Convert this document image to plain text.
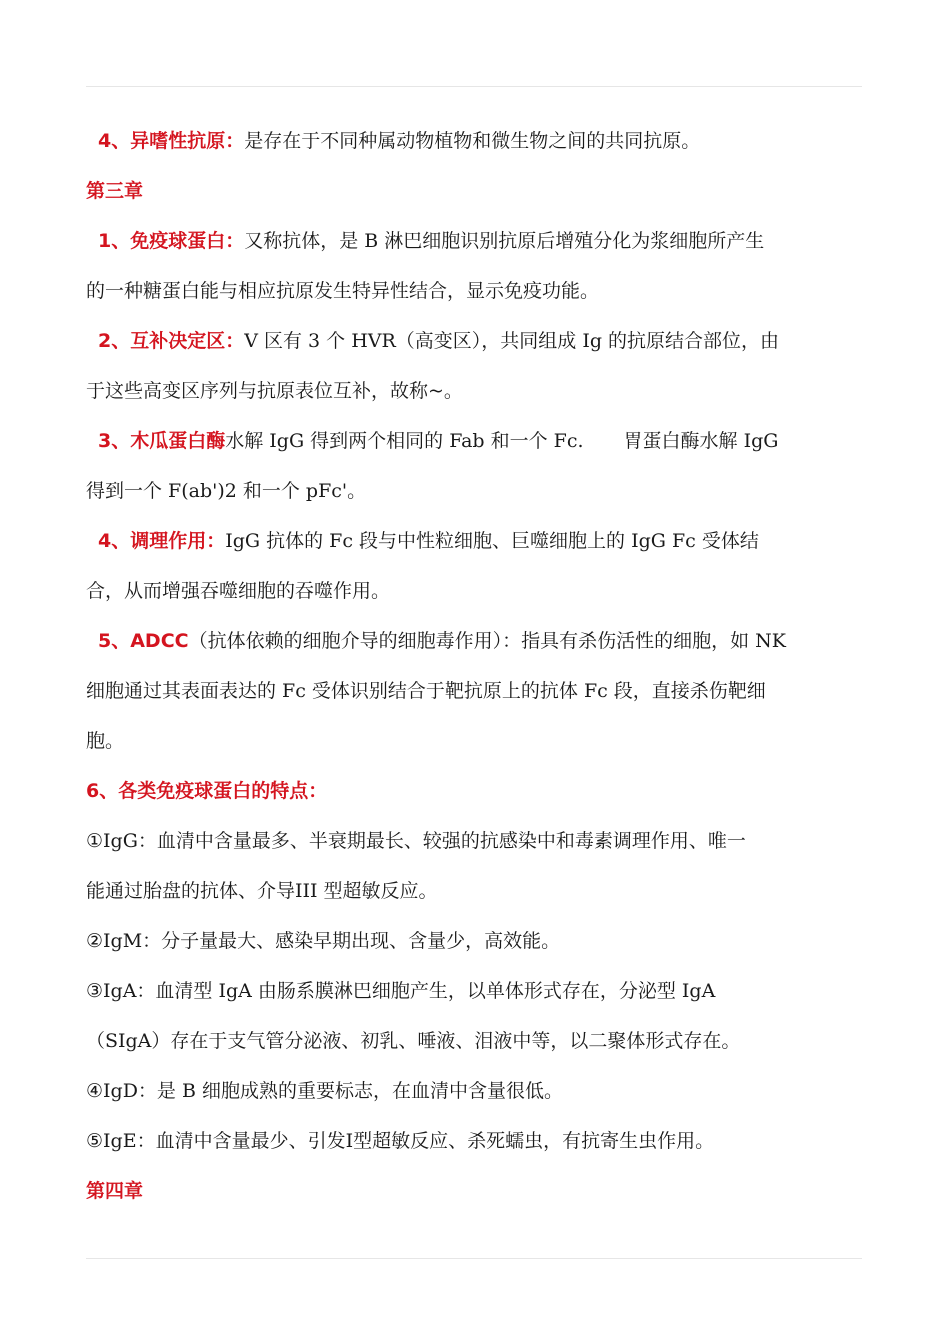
4、异嗜性抗原：是存在于不同种属动物植物和微生物之间的共同抗原。

第三章

1、免疫球蛋白：又称抗体，是 B 淋巴细胞识别抗原后增殖分化为浆细胞所产生

的一种糖蛋白能与相应抗原发生特异性结合，显示免疫功能。

2、互补决定区：V 区有 3 个 HVR（高变区），共同组成 Ig 的抗原结合部位，由

于这些高变区序列与抗原表位互补，故称~。

3、木瓜蛋白酶水解 IgG 得到两个相同的 Fab 和一个 Fc. 胃蛋白酶水解 IgG

得到一个 F(ab')2 和一个 pFc'。

4、调理作用：IgG 抗体的 Fc 段与中性粒细胞、巨噬细胞上的 IgG Fc 受体结

合，从而增强吞噬细胞的吞噬作用。

5、ADCC（抗体依赖的细胞介导的细胞毒作用）：指具有杀伤活性的细胞，如 NK

细胞通过其表面表达的 Fc 受体识别结合于靶抗原上的抗体 Fc 段，直接杀伤靶细

胞。

6、各类免疫球蛋白的特点：

①IgG：血清中含量最多、半衰期最长、较强的抗感染中和毒素调理作用、唯一

能通过胎盘的抗体、介导ⅠII 型超敏反应。

②IgM：分子量最大、感染早期出现、含量少，高效能。

③IgA：血清型 IgA 由肠系膜淋巴细胞产生，以单体形式存在，分泌型 IgA

（SIgA）存在于支气管分泌液、初乳、唾液、泪液中等，以二聚体形式存在。

④IgD：是 B 细胞成熟的重要标志，在血清中含量很低。

⑤IgE：血清中含量最少、引发Ⅰ型超敏反应、杀死蠕虫，有抗寄生虫作用。

第四章
